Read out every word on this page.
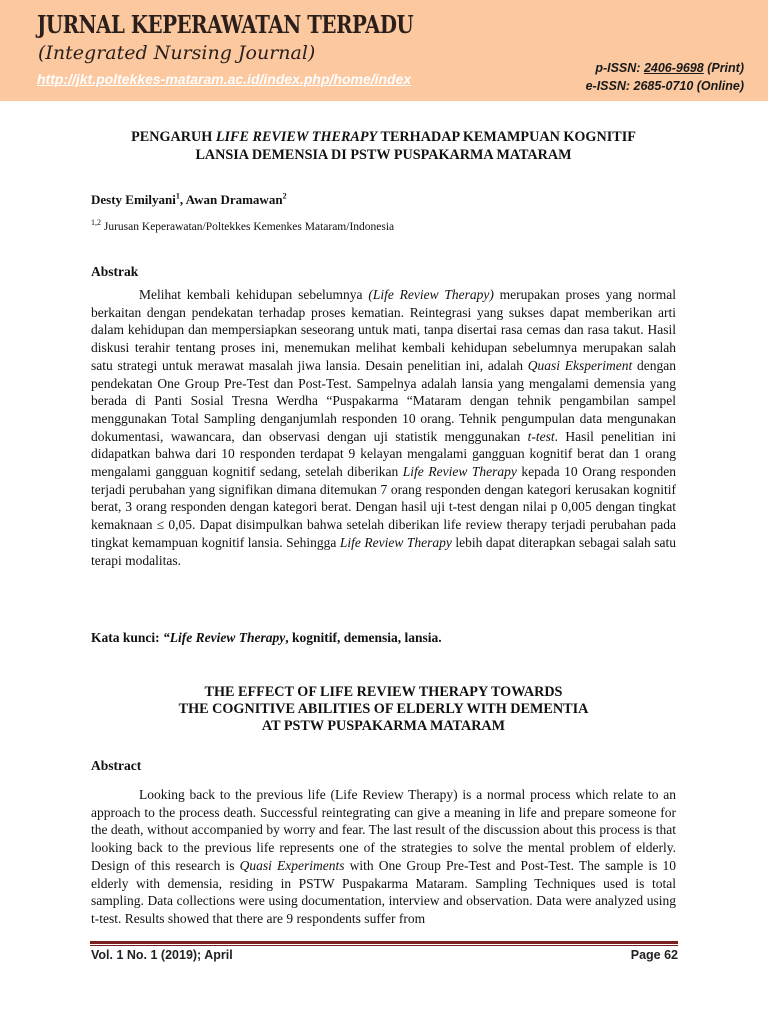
JURNAL KEPERAWATAN TERPADU
(Integrated Nursing Journal)
http://jkt.poltekkes-mataram.ac.id/index.php/home/index
p-ISSN: 2406-9698 (Print)
e-ISSN: 2685-0710 (Online)
PENGARUH LIFE REVIEW THERAPY TERHADAP KEMAMPUAN KOGNITIF
LANSIA DEMENSIA DI PSTW PUSPAKARMA MATARAM
Desty Emilyani$^1$, Awan Dramawan$^2$
$^{1,2}$ Jurusan Keperawatan/Poltekkes Kemenkes Mataram/Indonesia
Abstrak

Melihat kembali kehidupan sebelumnya (Life Review Therapy) merupakan proses yang normal berkaitan dengan pendekatan terhadap proses kematian. Reintegrasi yang sukses dapat memberikan arti dalam kehidupan dan mempersiapkan seseorang untuk mati, tanpa disertai rasa cemas dan rasa takut. Hasil diskusi terahir tentang proses ini, menemukan melihat kembali kehidupan sebelumnya merupakan salah satu strategi untuk merawat masalah jiwa lansia. Desain penelitian ini, adalah Quasi Eksperiment dengan pendekatan One Group Pre-Test dan Post-Test. Sampelnya adalah lansia yang mengalami demensia yang berada di Panti Sosial Tresna Werdha “Puspakarma “Mataram dengan tehnik pengambilan sampel menggunakan Total Sampling denganjumlah responden 10 orang. Tehnik pengumpulan data mengunakan dokumentasi, wawancara, dan observasi dengan uji statistik menggunakan t-test. Hasil penelitian ini didapatkan bahwa dari 10 responden terdapat 9 kelayan mengalami gangguan kognitif berat dan 1 orang mengalami gangguan kognitif sedang, setelah diberikan Life Review Therapy kepada 10 Orang responden terjadi perubahan yang signifikan dimana ditemukan 7 orang responden dengan kategori kerusakan kognitif berat, 3 orang responden dengan kategori berat. Dengan hasil uji t-test dengan nilai p 0,005 dengan tingkat kemaknaan ≤ 0,05. Dapat disimpulkan bahwa setelah diberikan life review therapy terjadi perubahan pada tingkat kemampuan kognitif lansia. Sehingga Life Review Therapy lebih dapat diterapkan sebagai salah satu terapi modalitas.

Kata kunci: “Life Review Therapy, kognitif, demensia, lansia.
THE EFFECT OF LIFE REVIEW THERAPY TOWARDS
THE COGNITIVE ABILITIES OF ELDERLY WITH DEMENTIA
AT PSTW PUSPAKARMA MATARAM
Abstract

Looking back to the previous life (Life Review Therapy) is a normal process which relate to an approach to the process death. Successful reintegrating can give a meaning in life and prepare someone for the death, without accompanied by worry and fear. The last result of the discussion about this process is that looking back to the previous life represents one of the strategies to solve the mental problem of elderly. Design of this research is Quasi Experiments with One Group Pre-Test and Post-Test. The sample is 10 elderly with demensia, residing in PSTW Puspakarma Mataram. Sampling Techniques used is total sampling. Data collections were using documentation, interview and observation. Data were analyzed using t-test. Results showed that there are 9 respondents suffer from

Vol. 1 No. 1 (2019); April	Page 62
